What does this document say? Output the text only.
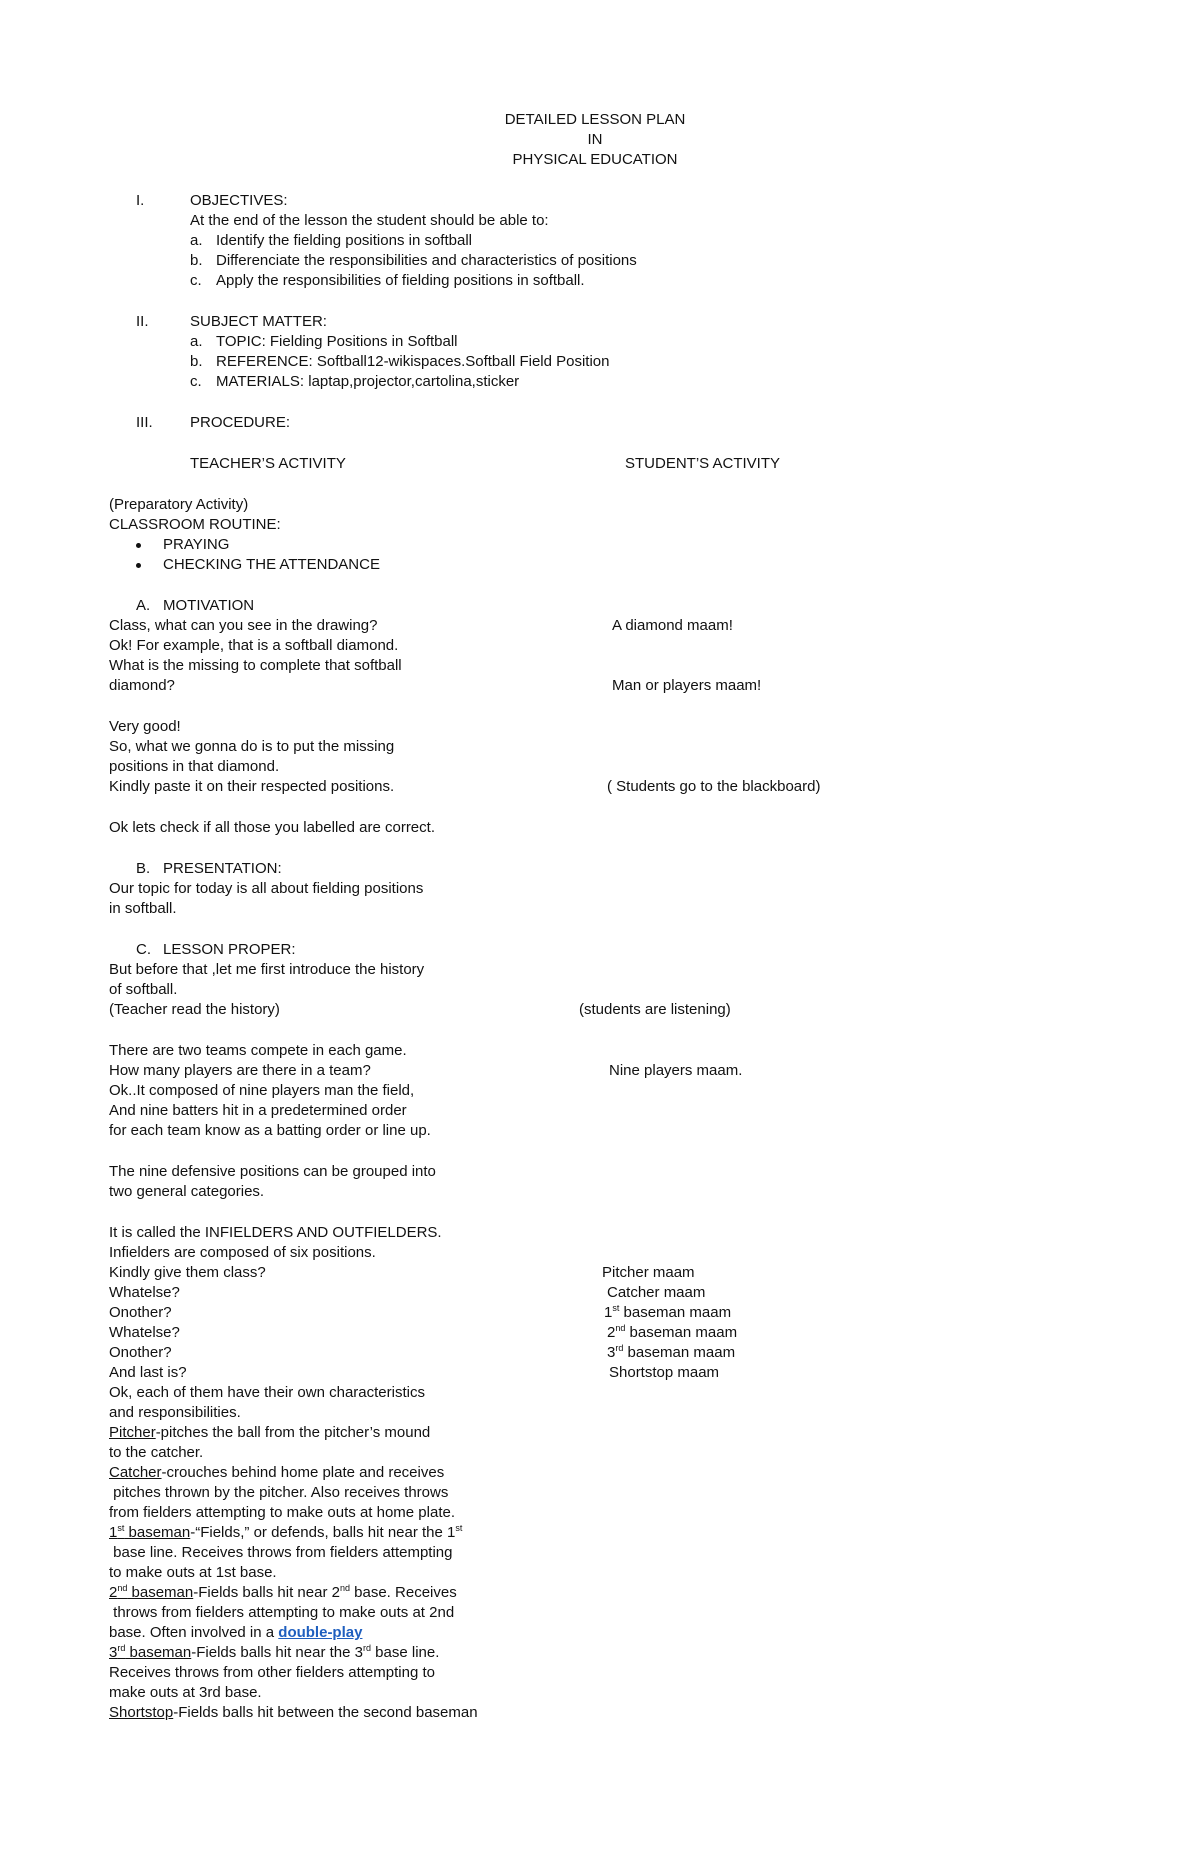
DETAILED LESSON PLAN
IN
PHYSICAL EDUCATION
I.	OBJECTIVES:
At the end of the lesson the student should be able to:
a. Identify the fielding positions in softball
b. Differenciate the responsibilities and characteristics of positions
c. Apply the responsibilities of fielding positions in softball.
II.	SUBJECT MATTER:
a. TOPIC: Fielding Positions in Softball
b. REFERENCE: Softball12-wikispaces.Softball Field Position
c. MATERIALS: laptap,projector,cartolina,sticker
III. PROCEDURE:
TEACHER’S ACTIVITY	STUDENT’S ACTIVITY
(Preparatory Activity)
CLASSROOM ROUTINE:
PRAYING
CHECKING THE ATTENDANCE
A. MOTIVATION
Class, what can you see in the drawing?	A diamond maam!
Ok! For example, that is a softball diamond.
What is the missing to complete that softball
diamond?	Man or players maam!
Very good!
So, what we gonna do is to put the missing
positions in that diamond.
Kindly paste it on their respected positions.	( Students go to the blackboard)
Ok lets check if all those you labelled are correct.
B. PRESENTATION:
Our topic for today is all about fielding positions
in softball.
C. LESSON PROPER:
But before that ,let me first introduce the history
of softball.
(Teacher read the history)	(students are listening)
There are two teams compete in each game.
How many players are there in a team?	Nine players maam.
Ok..It composed of nine players man the field,
And nine batters hit in a predetermined order
for each team know as a batting order or line up.
The nine defensive positions can be grouped into
two general categories.
It is called the INFIELDERS AND OUTFIELDERS.
Infielders are composed of six positions.
Kindly give them class?	Pitcher maam
Whatelse?	Catcher maam
Onother?	1st baseman maam
Whatelse?	2nd baseman maam
Onother?	3rd baseman maam
And last is?	Shortstop maam
Ok, each of them have their own characteristics
and responsibilities.
Pitcher-pitches the ball from the pitcher’s mound
to the catcher.
Catcher-crouches behind home plate and receives
pitches thrown by the pitcher. Also receives throws
from fielders attempting to make outs at home plate.
1st baseman-“Fields,” or defends, balls hit near the 1st
base line. Receives throws from fielders attempting
to make outs at 1st base.
2nd baseman-Fields balls hit near 2nd base. Receives
throws from fielders attempting to make outs at 2nd
base. Often involved in a double-play
3rd baseman-Fields balls hit near the 3rd base line.
Receives throws from other fielders attempting to
make outs at 3rd base.
Shortstop-Fields balls hit between the second baseman
